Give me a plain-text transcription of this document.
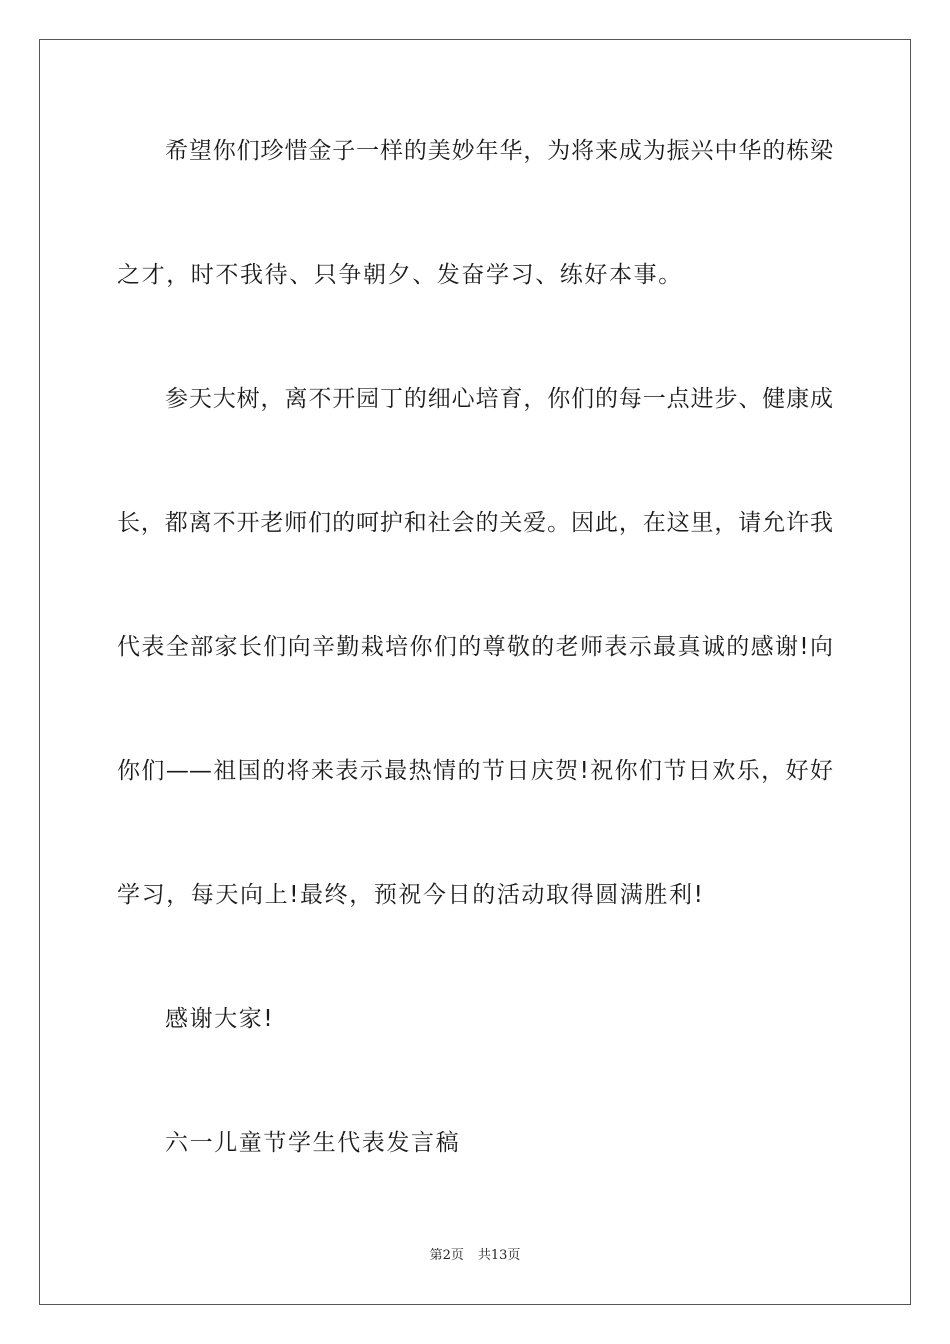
希望你们珍惜金子一样的美妙年华，为将来成为振兴中华的栋梁
之才，时不我待、只争朝夕、发奋学习、练好本事。
参天大树，离不开园丁的细心培育，你们的每一点进步、健康成
长，都离不开老师们的呵护和社会的关爱。因此，在这里，请允许我
代表全部家长们向辛勤栽培你们的尊敬的老师表示最真诚的感谢!向
你们——祖国的将来表示最热情的节日庆贺!祝你们节日欢乐，好好
学习，每天向上!最终，预祝今日的活动取得圆满胜利!
感谢大家!
六一儿童节学生代表发言稿
第2页 共13页
